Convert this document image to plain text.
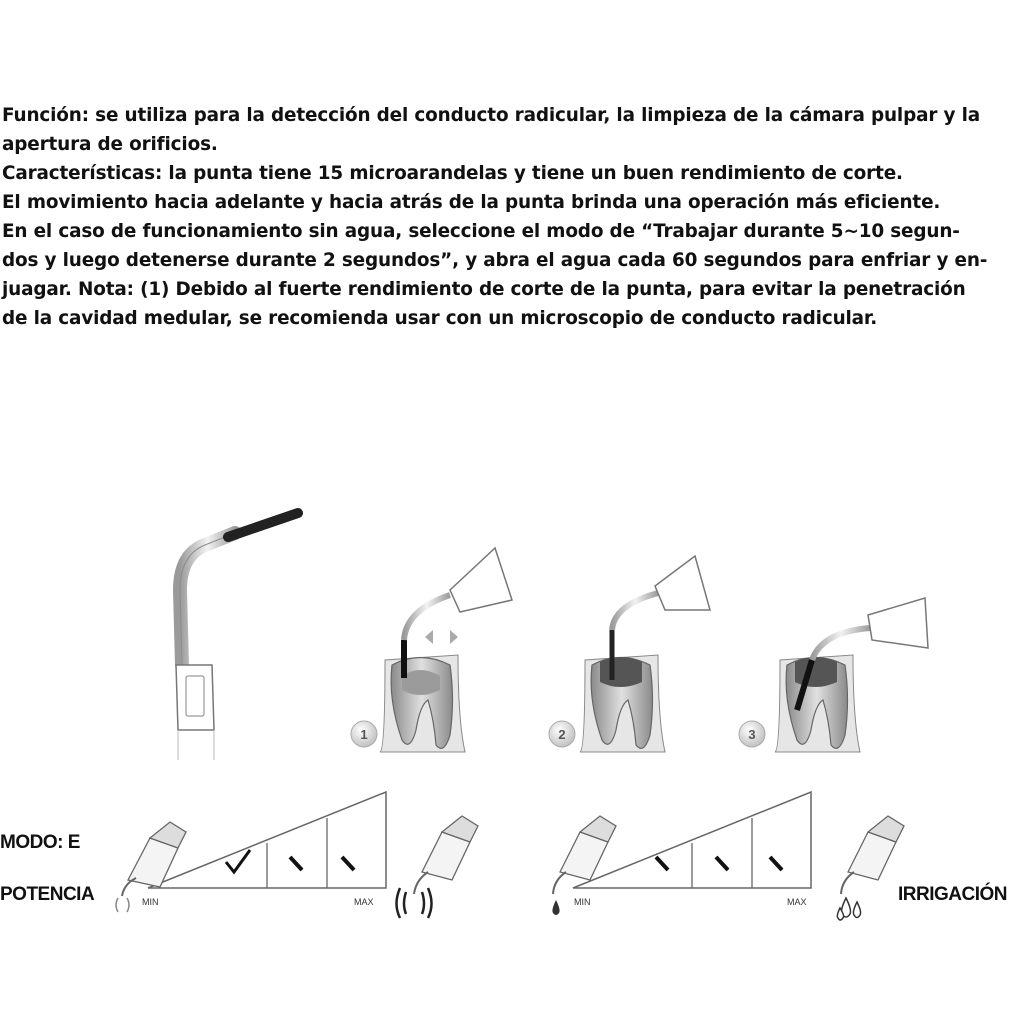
Función: se utiliza para la detección del conducto radicular, la limpieza de la cámara pulpar y la

apertura de orificios.

Características: la punta tiene 15 microarandelas y tiene un buen rendimiento de corte.

El movimiento hacia adelante y hacia atrás de la punta brinda una operación más eficiente.

En el caso de funcionamiento sin agua, seleccione el modo de “Trabajar durante 5~10 segun-

dos y luego detenerse durante 2 segundos”, y abra el agua cada 60 segundos para enfriar y en-

juagar. Nota: (1) Debido al fuerte rendimiento de corte de la punta, para evitar la penetración

de la cavidad medular, se recomienda usar con un microscopio de conducto radicular.

1	2	3
MIN	MAX	MIN	MAX
MODO: E
POTENCIA	IRRIGACIÓN
